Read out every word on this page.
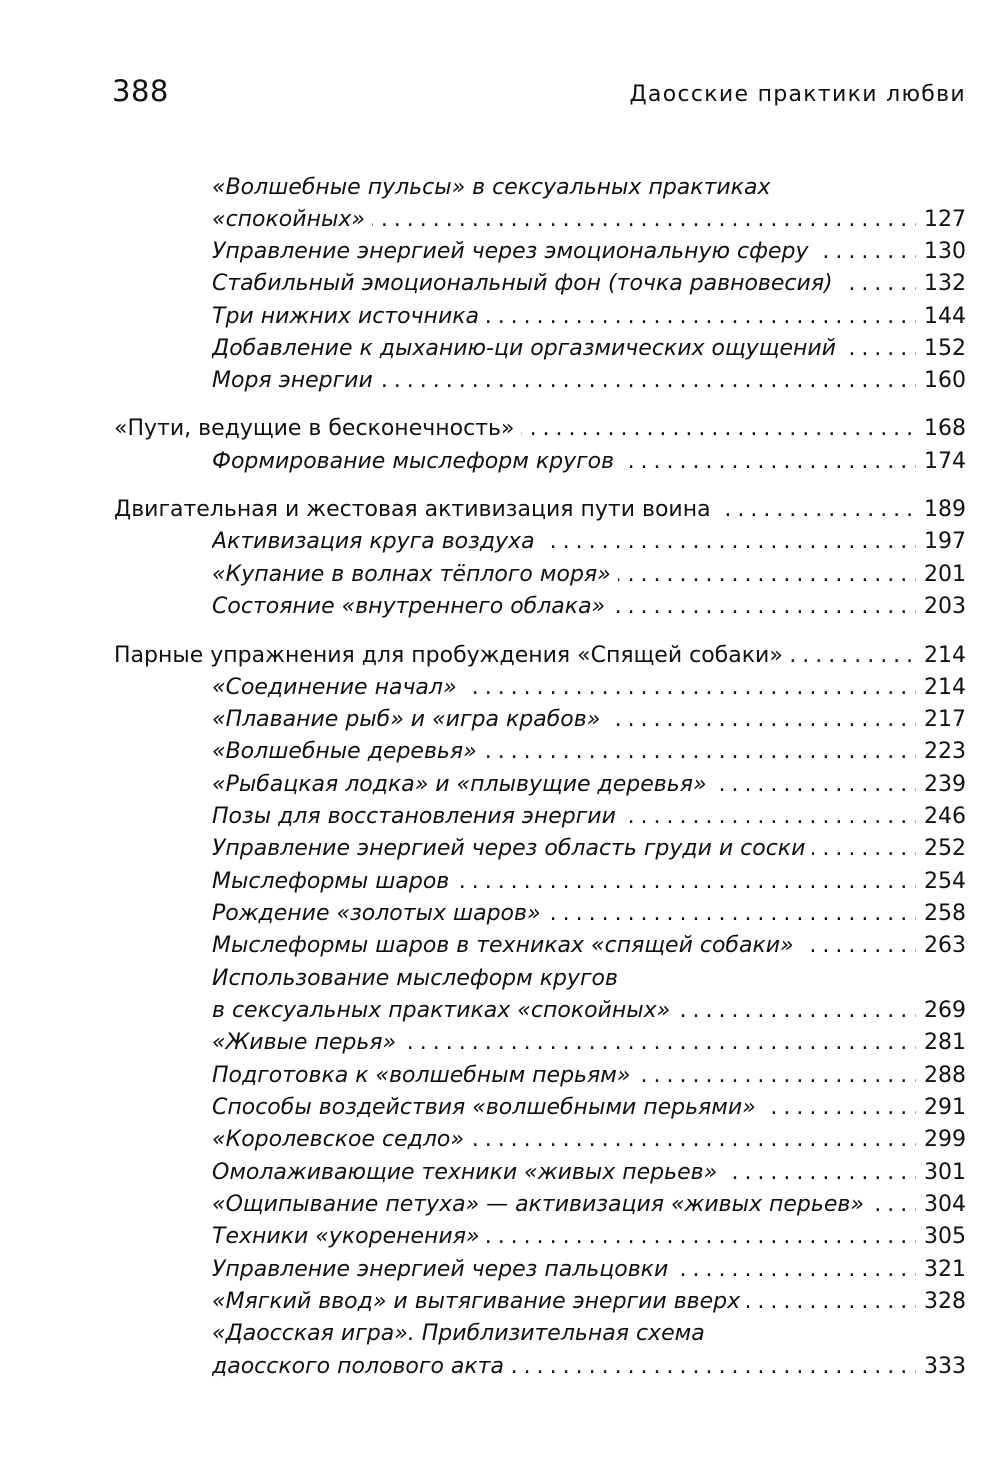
388	Даосские практики любви
«Волшебные пульсы» в сексуальных практиках
. . .
«спокойных»	127
. . .
Управление энергией через эмоциональную сферу	130
. . .
Стабильный эмоциональный фон (точка равновесия)	132
. . .
Три нижних источника	144
. . .
Добавление к дыханию-ци оргазмических ощущений	152
. . .
Моря энергии	160
. . .
«Пути, ведущие в бесконечность»	168
. . .
Формирование мыслеформ кругов	174
. . .
Двигательная и жестовая активизация пути воина	189
. . .
Активизация круга воздуха	197
. . .
«Купание в волнах тёплого моря»	201
. . .
Состояние «внутреннего облака»	203
. . .
Парные упражнения для пробуждения «Спящей собаки»	214
. . .
«Соединение начал»	214
. . .
«Плавание рыб» и «игра крабов»	217
. . .
«Волшебные деревья»	223
. . .
«Рыбацкая лодка» и «плывущие деревья»	239
. . .
Позы для восстановления энергии	246
. . .
Управление энергией через область груди и соски	252
. . .
Мыслеформы шаров	254
. . .
Рождение «золотых шаров»	258
. . .
Мыслеформы шаров в техниках «спящей собаки»	263
Использование мыслеформ кругов
. . .
в сексуальных практиках «спокойных»	269
. . .
«Живые перья»	281
. . .
Подготовка к «волшебным перьям»	288
. . .
Способы воздействия «волшебными перьями»	291
. . .
«Королевское седло»	299
. . .
Омолаживающие техники «живых перьев»	301
. . .
«Ощипывание петуха» — активизация «живых перьев»	304
. . .
Техники «укоренения»	305
. . .
Управление энергией через пальцовки	321
. . .
«Мягкий ввод» и вытягивание энергии вверх	328
«Даосская игра». Приблизительная схема
. . .
даосского полового акта	333
